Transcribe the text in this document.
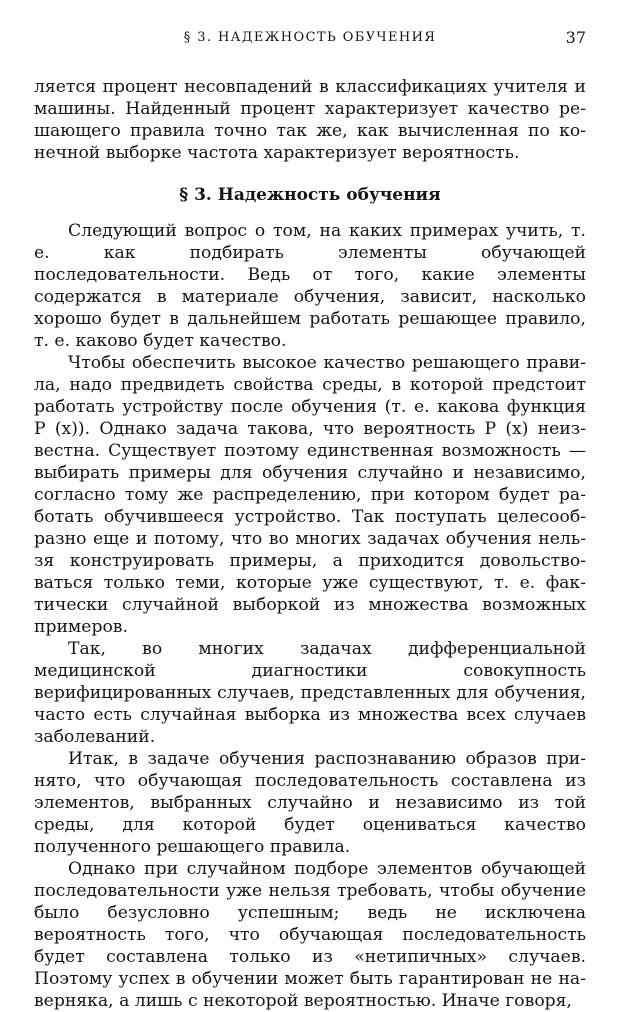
§ 3. НАДЕЖНОСТЬ ОБУЧЕНИЯ	37

ляется процент несовпадений в классификациях учителя и машины. Найденный процент характеризует качество решающего правила точно так же, как вычисленная по конечной выборке частота характеризует вероятность.

§ 3. Надежность обучения

Следующий вопрос о том, на каких примерах учить, т. е. как подбирать элементы обучающей последовательности. Ведь от того, какие элементы содержатся в материале обучения, зависит, насколько хорошо будет в дальнейшем работать решающее правило, т. е. каково будет качество.

Чтобы обеспечить высокое качество решающего правила, надо предвидеть свойства среды, в которой предстоит работать устройству после обучения (т. е. какова функция P (x)). Однако задача такова, что вероятность P (x) неизвестна. Существует поэтому единственная возможность — выбирать примеры для обучения случайно и независимо, согласно тому же распределению, при котором будет работать обучившееся устройство. Так поступать целесообразно еще и потому, что во многих задачах обучения нельзя конструировать примеры, а приходится довольствоваться только теми, которые уже существуют, т. е. фактически случайной выборкой из множества возможных примеров.

Так, во многих задачах дифференциальной медицинской диагностики совокупность верифицированных случаев, представленных для обучения, часто есть случайная выборка из множества всех случаев заболеваний.

Итак, в задаче обучения распознаванию образов принято, что обучающая последовательность составлена из элементов, выбранных случайно и независимо из той среды, для которой будет оцениваться качество полученного решающего правила.

Однако при случайном подборе элементов обучающей последовательности уже нельзя требовать, чтобы обучение было безусловно успешным; ведь не исключена вероятность того, что обучающая последовательность будет составлена только из «нетипичных» случаев. Поэтому успех в обучении может быть гарантирован не наверняка, а лишь с некоторой вероятностью. Иначе говоря,
